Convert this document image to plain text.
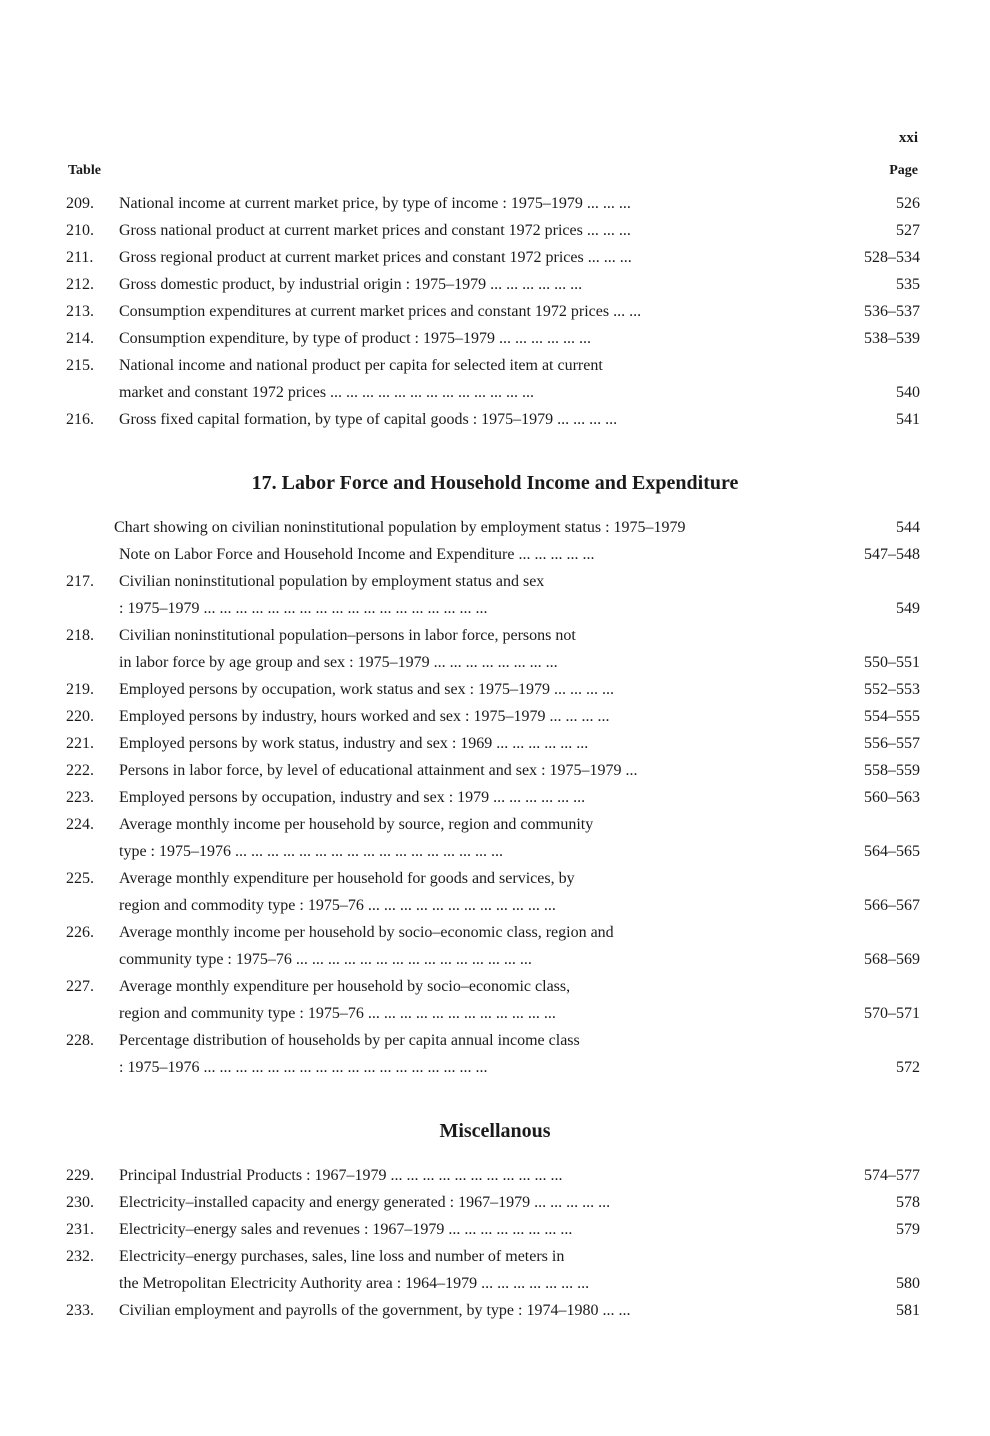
xxi
Table	Page
209.	National income at current market price, by type of income : 1975–1979 ... ... ...	526
210.	Gross national product at current market prices and constant 1972 prices ... ... ...	527
211.	Gross regional product at current market prices and constant 1972 prices ... ... ...	528–534
212.	Gross domestic product, by industrial origin : 1975–1979 ... ... ... ... ... ...	535
213.	Consumption expenditures at current market prices and constant 1972 prices ... ...	536–537
214.	Consumption expenditure, by type of product : 1975–1979 ... ... ... ... ... ...	538–539
215.	National income and national product per capita for selected item at current
market and constant 1972 prices ... ... ... ... ... ... ... ... ... ... ... ... ...	540
216.	Gross fixed capital formation, by type of capital goods : 1975–1979 ... ... ... ...	541
17. Labor Force and Household Income and Expenditure
Chart showing on civilian noninstitutional population by employment status : 1975–1979	544
Note on Labor Force and Household Income and Expenditure ... ... ... ... ...	547–548
217.	Civilian noninstitutional population by employment status and sex
: 1975–1979 ... ... ... ... ... ... ... ... ... ... ... ... ... ... ... ... ... ...	549
218.	Civilian noninstitutional population–persons in labor force, persons not
in labor force by age group and sex : 1975–1979 ... ... ... ... ... ... ... ...	550–551
219.	Employed persons by occupation, work status and sex : 1975–1979 ... ... ... ...	552–553
220.	Employed persons by industry, hours worked and sex : 1975–1979 ... ... ... ...	554–555
221.	Employed persons by work status, industry and sex : 1969 ... ... ... ... ... ...	556–557
222.	Persons in labor force, by level of educational attainment and sex : 1975–1979 ...	558–559
223.	Employed persons by occupation, industry and sex : 1979 ... ... ... ... ... ...	560–563
224.	Average monthly income per household by source, region and community
type : 1975–1976 ... ... ... ... ... ... ... ... ... ... ... ... ... ... ... ... ...	564–565
225.	Average monthly expenditure per household for goods and services, by
region and commodity type : 1975–76 ... ... ... ... ... ... ... ... ... ... ... ...	566–567
226.	Average monthly income per household by socio–economic class, region and
community type : 1975–76 ... ... ... ... ... ... ... ... ... ... ... ... ... ... ...	568–569
227.	Average monthly expenditure per household by socio–economic class,
region and community type : 1975–76 ... ... ... ... ... ... ... ... ... ... ... ...	570–571
228.	Percentage distribution of households by per capita annual income class
: 1975–1976 ... ... ... ... ... ... ... ... ... ... ... ... ... ... ... ... ... ...	572
Miscellanous
229.	Principal Industrial Products : 1967–1979 ... ... ... ... ... ... ... ... ... ... ...	574–577
230.	Electricity–installed capacity and energy generated : 1967–1979 ... ... ... ... ...	578
231.	Electricity–energy sales and revenues : 1967–1979 ... ... ... ... ... ... ... ...	579
232.	Electricity–energy purchases, sales, line loss and number of meters in
the Metropolitan Electricity Authority area : 1964–1979 ... ... ... ... ... ... ...	580
233.	Civilian employment and payrolls of the government, by type : 1974–1980 ... ...	581
